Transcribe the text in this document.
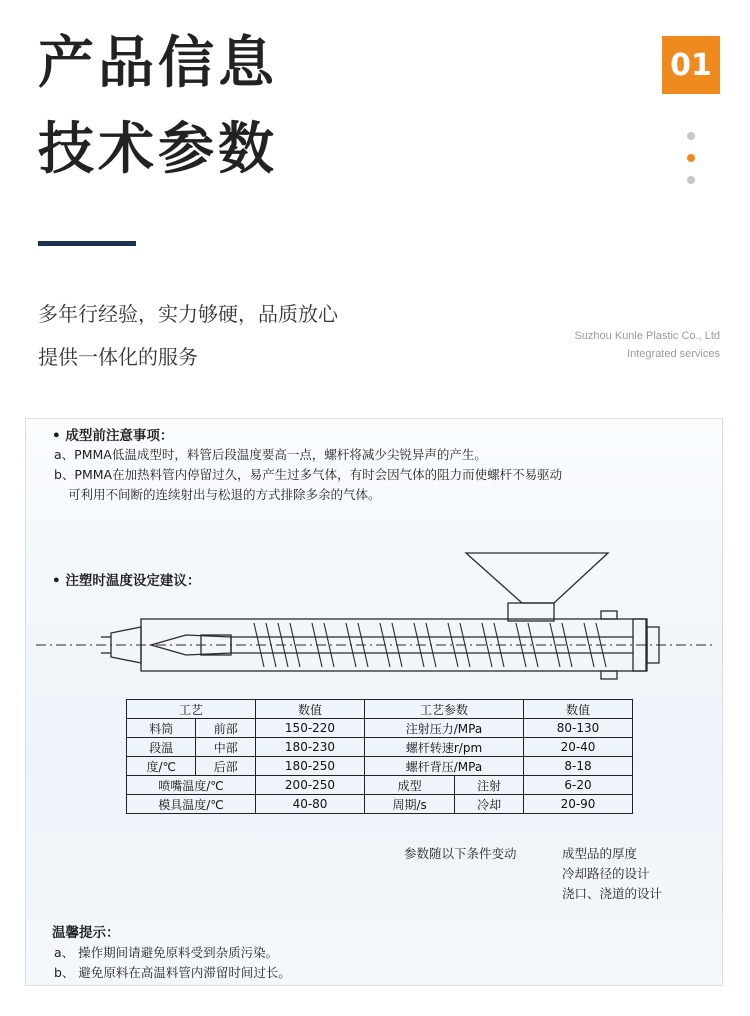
产品信息
技术参数
01
多年行经验，实力够硬，品质放心
提供一体化的服务
Suzhou Kunle Plastic Co., Ltd
Integrated services
• 成型前注意事项：
a、PMMA低温成型时，料管后段温度要高一点，螺杆将减少尖锐异声的产生。
b、PMMA在加热料管内停留过久，易产生过多气体，有时会因气体的阻力而使螺杆不易驱动
可利用不间断的连续射出与松退的方式排除多余的气体。
• 注塑时温度设定建议：
工艺		数值	工艺参数		数值
料筒	前部	150-220	注射压力/MPa		80-130
段温	中部	180-230	螺杆转速r/pm		20-40
度/℃	后部	180-250	螺杆背压/MPa		8-18
喷嘴温度/℃		200-250	成型	注射	6-20
模具温度/℃		40-80	周期/s	冷却	20-90
参数随以下条件变动	成型品的厚度
冷却路径的设计
浇口、浇道的设计
温馨提示：
a、 操作期间请避免原料受到杂质污染。
b、 避免原料在高温料管内滞留时间过长。
